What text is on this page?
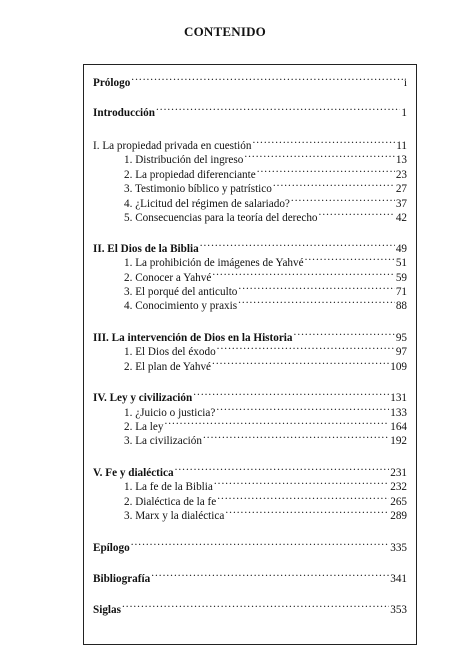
CONTENIDO
Prólogo .....	i
Introducción .....	1
I. La propiedad privada en cuestión .....	11
1. Distribución del ingreso .....	13
2. La propiedad diferenciante .....	23
3. Testimonio bíblico y patrístico .....	27
4. ¿Licitud del régimen de salariado? .....	37
5. Consecuencias para la teoría del derecho .....	42
II. El Dios de la Biblia .....	49
1. La prohibición de imágenes de Yahvé .....	51
2. Conocer a Yahvé .....	59
3. El porqué del anticulto .....	71
4. Conocimiento y praxis .....	88
III. La intervención de Dios en la Historia .....	95
1. El Dios del éxodo .....	97
2. El plan de Yahvé .....	109
IV. Ley y civilización .....	131
1. ¿Juicio o justicia? .....	133
2. La ley .....	164
3. La civilización .....	192
V. Fe y dialéctica .....	231
1. La fe de la Biblia .....	232
2. Dialéctica de la fe .....	265
3. Marx y la dialéctica .....	289
Epílogo .....	335
Bibliografía .....	341
Siglas .....	353
